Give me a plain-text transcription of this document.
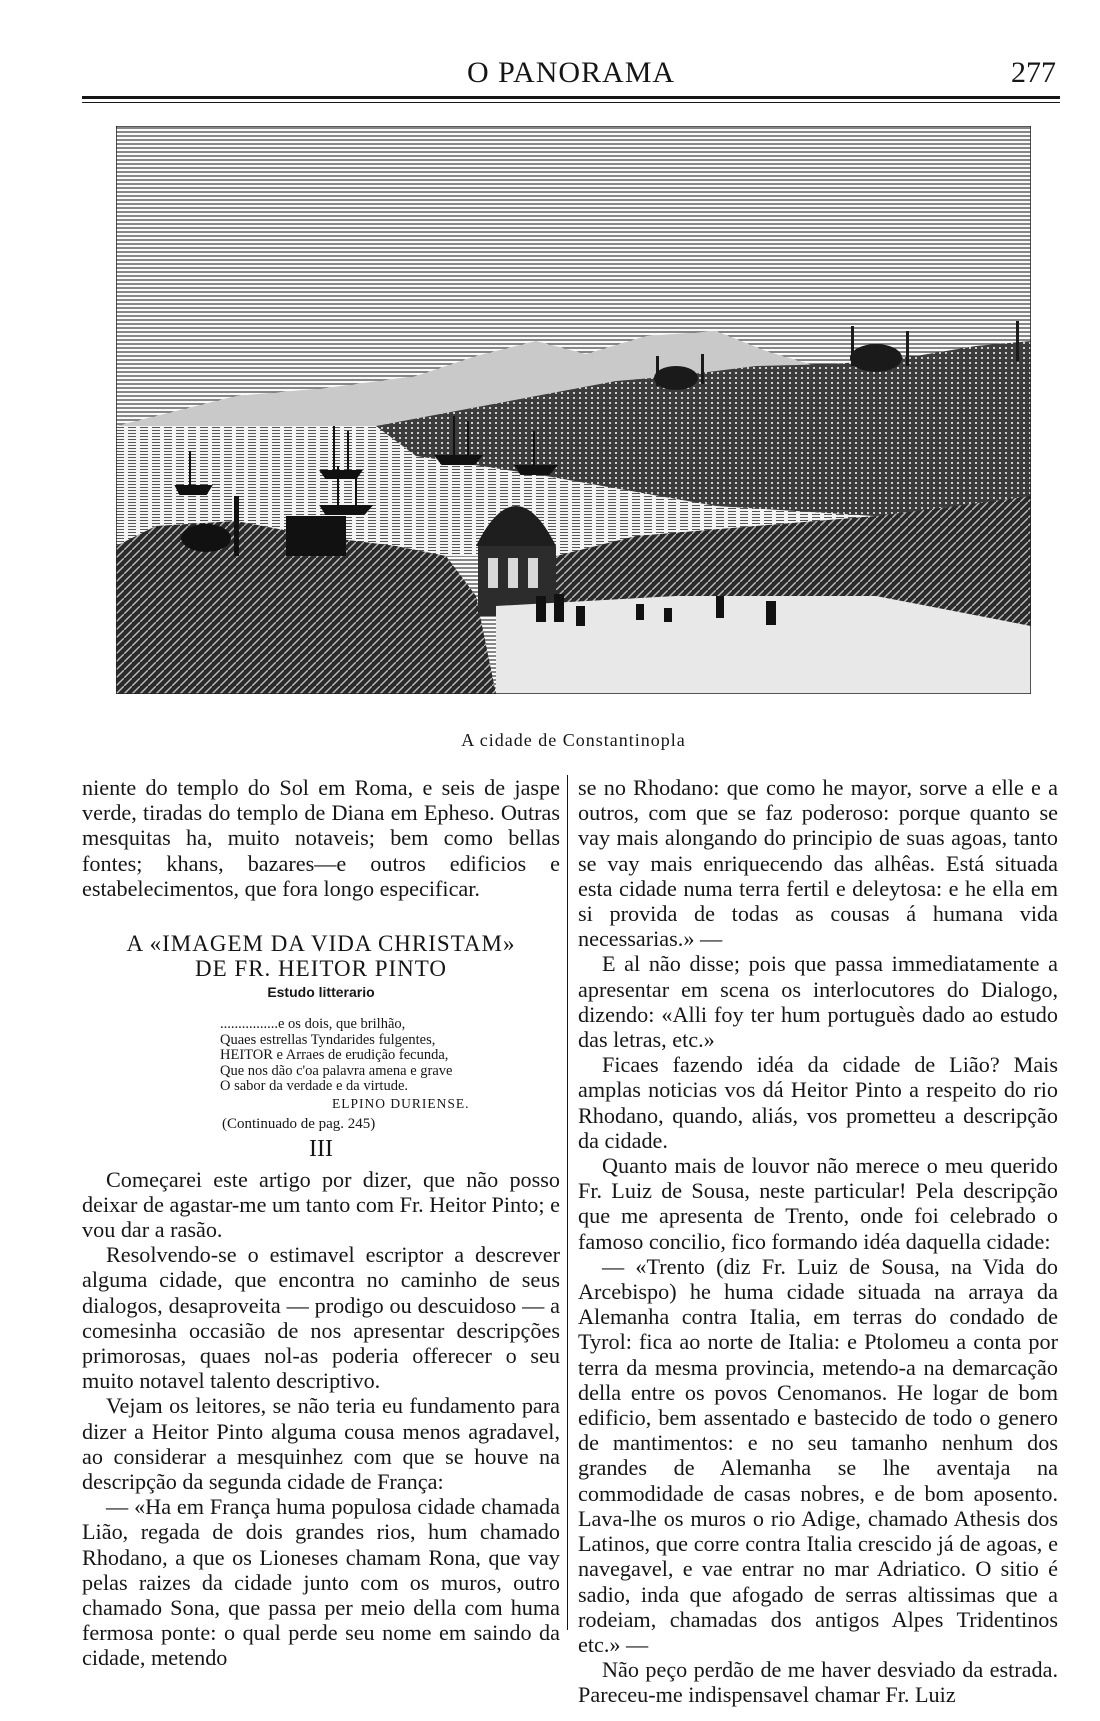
O PANORAMA	277
A cidade de Constantinopla

niente do templo do Sol em Roma, e seis de jaspe verde, tiradas do templo de Diana em Epheso. Outras mesquitas ha, muito notaveis; bem como bellas fontes; khans, bazares—e outros edificios e estabelecimentos, que fora longo especificar.

A «IMAGEM DA VIDA CHRISTAM»
DE FR. HEITOR PINTO
Estudo litterario
................e os dois, que brilhão,
Quaes estrellas Tyndarides fulgentes,
HEITOR e Arraes de erudição fecunda,
Que nos dão c'oa palavra amena e grave
O sabor da verdade e da virtude.
ELPINO DURIENSE.
(Continuado de pag. 245)
III

Começarei este artigo por dizer, que não posso deixar de agastar-me um tanto com Fr. Heitor Pinto; e vou dar a rasão.

Resolvendo-se o estimavel escriptor a descrever alguma cidade, que encontra no caminho de seus dialogos, desaproveita — prodigo ou descuidoso — a comesinha occasião de nos apresentar descripções primorosas, quaes nol-as poderia offerecer o seu muito notavel talento descriptivo.

Vejam os leitores, se não teria eu fundamento para dizer a Heitor Pinto alguma cousa menos agradavel, ao considerar a mesquinhez com que se houve na descripção da segunda cidade de França:

— «Ha em França huma populosa cidade chamada Lião, regada de dois grandes rios, hum chamado Rhodano, a que os Lioneses chamam Rona, que vay pelas raizes da cidade junto com os muros, outro chamado Sona, que passa per meio della com huma fermosa ponte: o qual perde seu nome em saindo da cidade, metendo

se no Rhodano: que como he mayor, sorve a elle e a outros, com que se faz poderoso: porque quanto se vay mais alongando do principio de suas agoas, tanto se vay mais enriquecendo das alhêas. Está situada esta cidade numa terra fertil e deleytosa: e he ella em si provida de todas as cousas á humana vida necessarias.» —

E al não disse; pois que passa immediatamente a apresentar em scena os interlocutores do Dialogo, dizendo: «Alli foy ter hum portuguès dado ao estudo das letras, etc.»

Ficaes fazendo idéa da cidade de Lião? Mais amplas noticias vos dá Heitor Pinto a respeito do rio Rhodano, quando, aliás, vos prometteu a descripção da cidade.

Quanto mais de louvor não merece o meu querido Fr. Luiz de Sousa, neste particular! Pela descripção que me apresenta de Trento, onde foi celebrado o famoso concilio, fico formando idéa daquella cidade:

— «Trento (diz Fr. Luiz de Sousa, na Vida do Arcebispo) he huma cidade situada na arraya da Alemanha contra Italia, em terras do condado de Tyrol: fica ao norte de Italia: e Ptolomeu a conta por terra da mesma provincia, metendo-a na demarcação della entre os povos Cenomanos. He logar de bom edificio, bem assentado e bastecido de todo o genero de mantimentos: e no seu tamanho nenhum dos grandes de Alemanha se lhe aventaja na commodidade de casas nobres, e de bom aposento. Lava-lhe os muros o rio Adige, chamado Athesis dos Latinos, que corre contra Italia crescido já de agoas, e navegavel, e vae entrar no mar Adriatico. O sitio é sadio, inda que afogado de serras altissimas que a rodeiam, chamadas dos antigos Alpes Tridentinos etc.» —

Não peço perdão de me haver desviado da estrada. Pareceu-me indispensavel chamar Fr. Luiz
